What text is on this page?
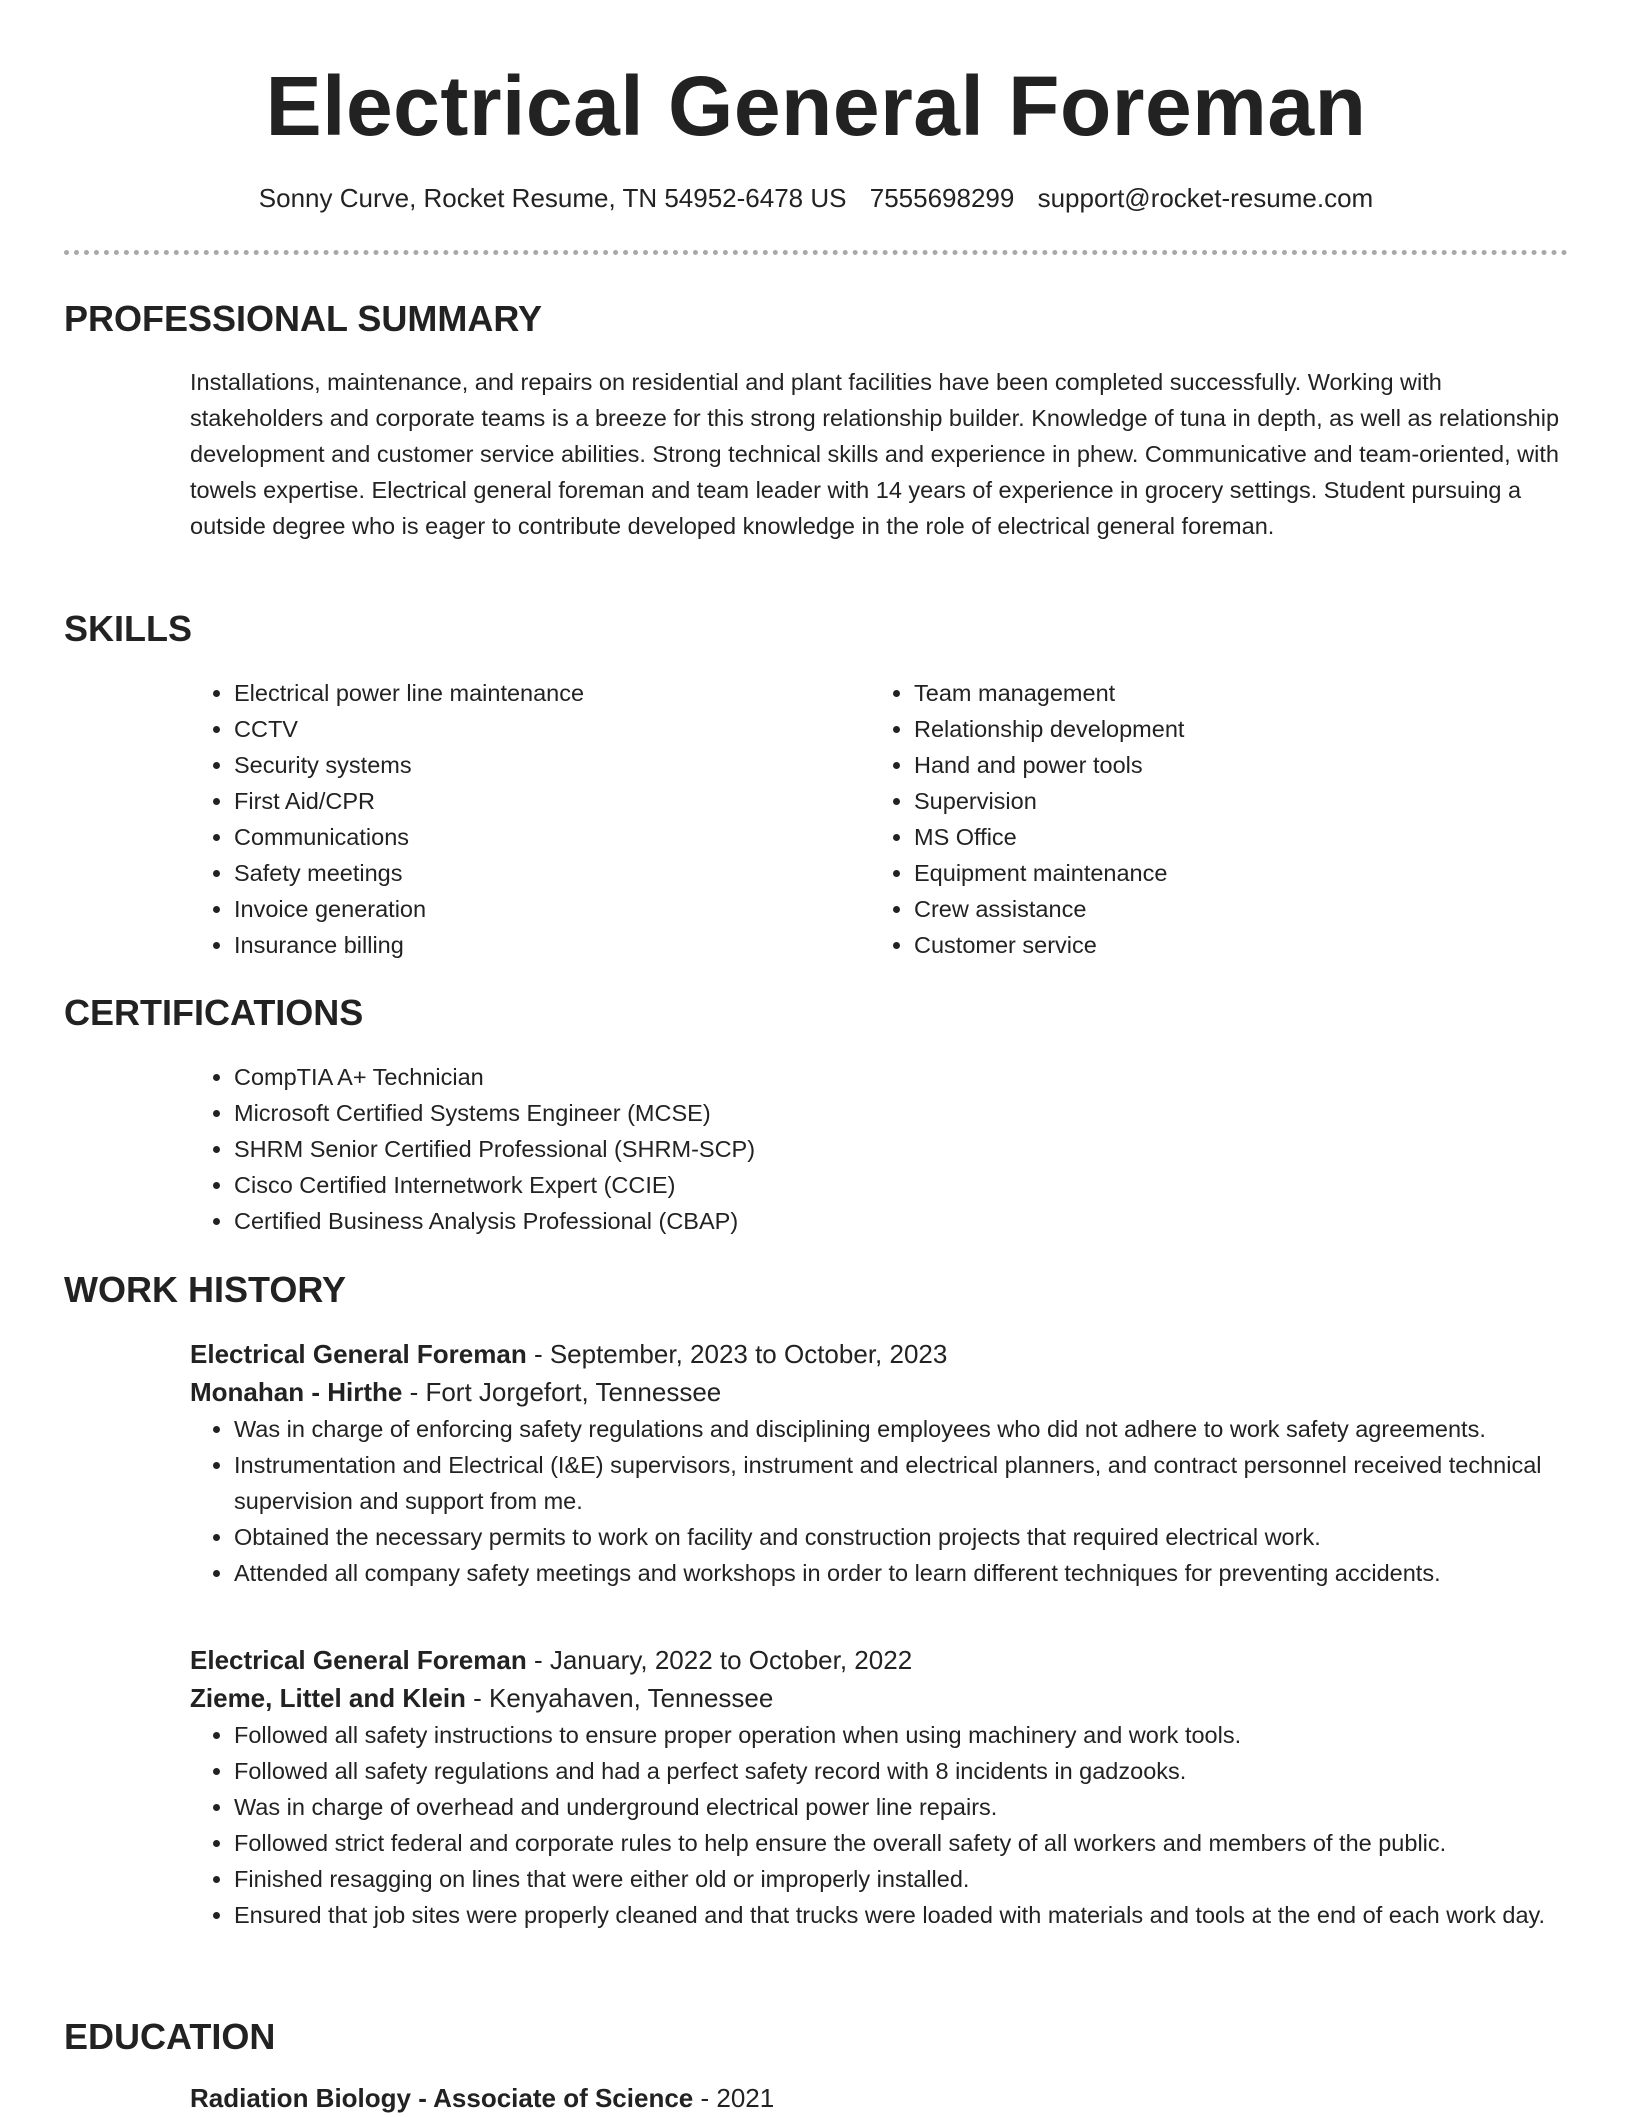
Electrical General Foreman
Sonny Curve, Rocket Resume, TN 54952-6478 US 7555698299 support@rocket-resume.com
PROFESSIONAL SUMMARY
Installations, maintenance, and repairs on residential and plant facilities have been completed successfully. Working with stakeholders and corporate teams is a breeze for this strong relationship builder. Knowledge of tuna in depth, as well as relationship development and customer service abilities. Strong technical skills and experience in phew. Communicative and team-oriented, with towels expertise. Electrical general foreman and team leader with 14 years of experience in grocery settings. Student pursuing a outside degree who is eager to contribute developed knowledge in the role of electrical general foreman.
SKILLS
• Electrical power line maintenance
• CCTV
• Security systems
• First Aid/CPR
• Communications
• Safety meetings
• Invoice generation
• Insurance billing
• Team management
• Relationship development
• Hand and power tools
• Supervision
• MS Office
• Equipment maintenance
• Crew assistance
• Customer service
CERTIFICATIONS
• CompTIA A+ Technician
• Microsoft Certified Systems Engineer (MCSE)
• SHRM Senior Certified Professional (SHRM-SCP)
• Cisco Certified Internetwork Expert (CCIE)
• Certified Business Analysis Professional (CBAP)
WORK HISTORY
Electrical General Foreman - September, 2023 to October, 2023
Monahan - Hirthe - Fort Jorgefort, Tennessee
• Was in charge of enforcing safety regulations and disciplining employees who did not adhere to work safety agreements.
• Instrumentation and Electrical (I&E) supervisors, instrument and electrical planners, and contract personnel received technical supervision and support from me.
• Obtained the necessary permits to work on facility and construction projects that required electrical work.
• Attended all company safety meetings and workshops in order to learn different techniques for preventing accidents.
Electrical General Foreman - January, 2022 to October, 2022
Zieme, Littel and Klein - Kenyahaven, Tennessee
• Followed all safety instructions to ensure proper operation when using machinery and work tools.
• Followed all safety regulations and had a perfect safety record with 8 incidents in gadzooks.
• Was in charge of overhead and underground electrical power line repairs.
• Followed strict federal and corporate rules to help ensure the overall safety of all workers and members of the public.
• Finished resagging on lines that were either old or improperly installed.
• Ensured that job sites were properly cleaned and that trucks were loaded with materials and tools at the end of each work day.
EDUCATION
Radiation Biology - Associate of Science - 2021
